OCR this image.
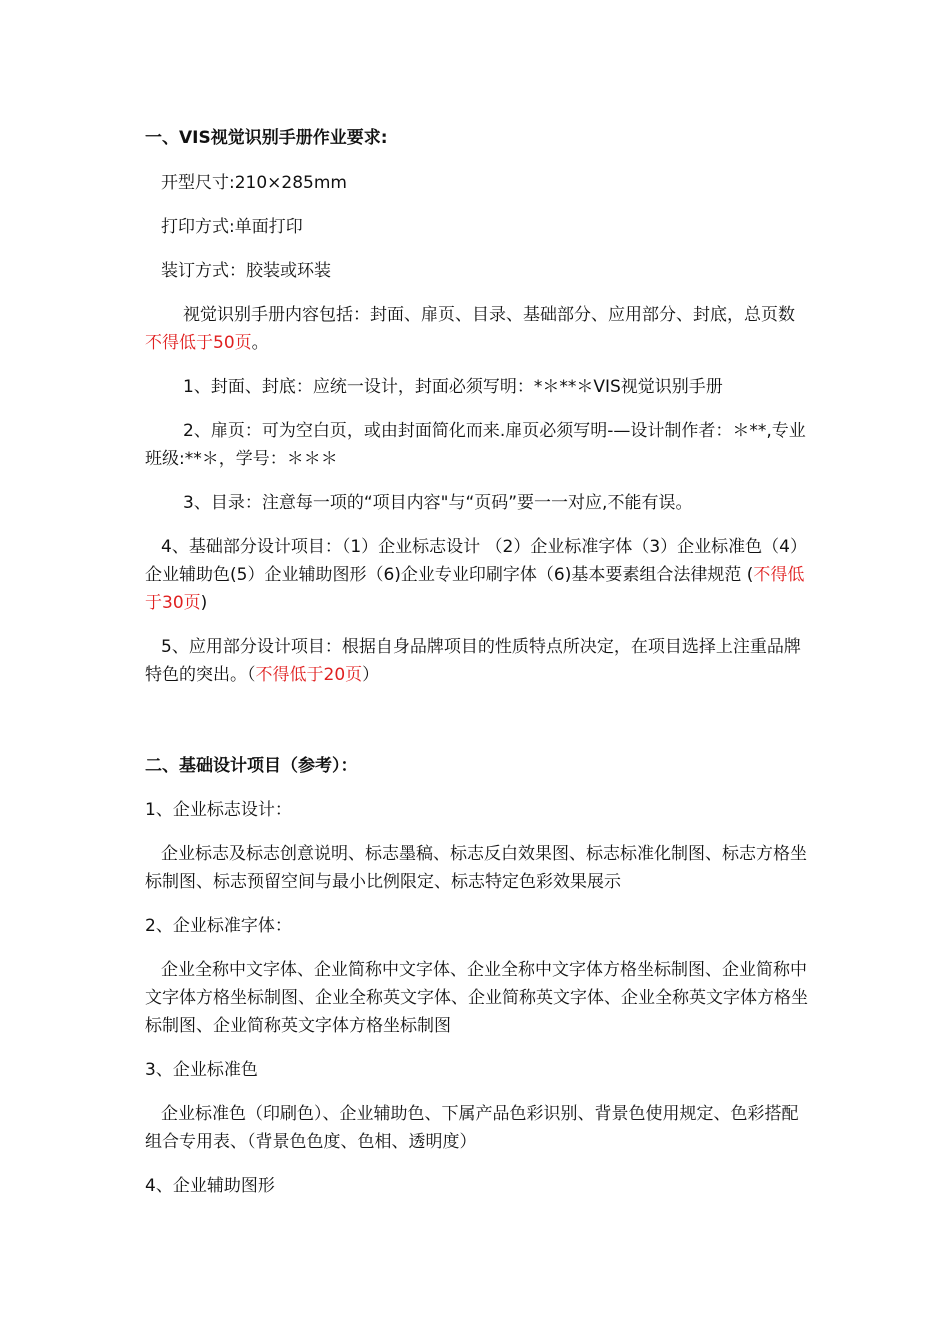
一、VIS视觉识别手册作业要求:

开型尺寸:210×285mm

打印方式:单面打印

装订方式：胶装或环装

视觉识别手册内容包括：封面、扉页、目录、基础部分、应用部分、封底，总页数不得低于50页。

1、封面、封底：应统一设计，封面必须写明：*＊**＊VIS视觉识别手册

2、扉页：可为空白页，或由封面简化而来.扉页必须写明-—设计制作者：＊**,专业班级:**＊，学号：＊＊＊

3、目录：注意每一项的“项目内容"与“页码”要一一对应,不能有误。

4、基础部分设计项目：（1）企业标志设计 （2）企业标准字体（3）企业标准色（4）企业辅助色(5）企业辅助图形（6)企业专业印刷字体（6)基本要素组合法律规范 (不得低于30页)

5、应用部分设计项目：根据自身品牌项目的性质特点所决定，在项目选择上注重品牌特色的突出。（不得低于20页）

二、基础设计项目（参考）：

1、企业标志设计：

企业标志及标志创意说明、标志墨稿、标志反白效果图、标志标准化制图、标志方格坐标制图、标志预留空间与最小比例限定、标志特定色彩效果展示

2、企业标准字体：

企业全称中文字体、企业简称中文字体、企业全称中文字体方格坐标制图、企业简称中文字体方格坐标制图、企业全称英文字体、企业简称英文字体、企业全称英文字体方格坐标制图、企业简称英文字体方格坐标制图

3、企业标准色

企业标准色（印刷色）、企业辅助色、下属产品色彩识别、背景色使用规定、色彩搭配组合专用表、（背景色色度、色相、透明度）

4、企业辅助图形
